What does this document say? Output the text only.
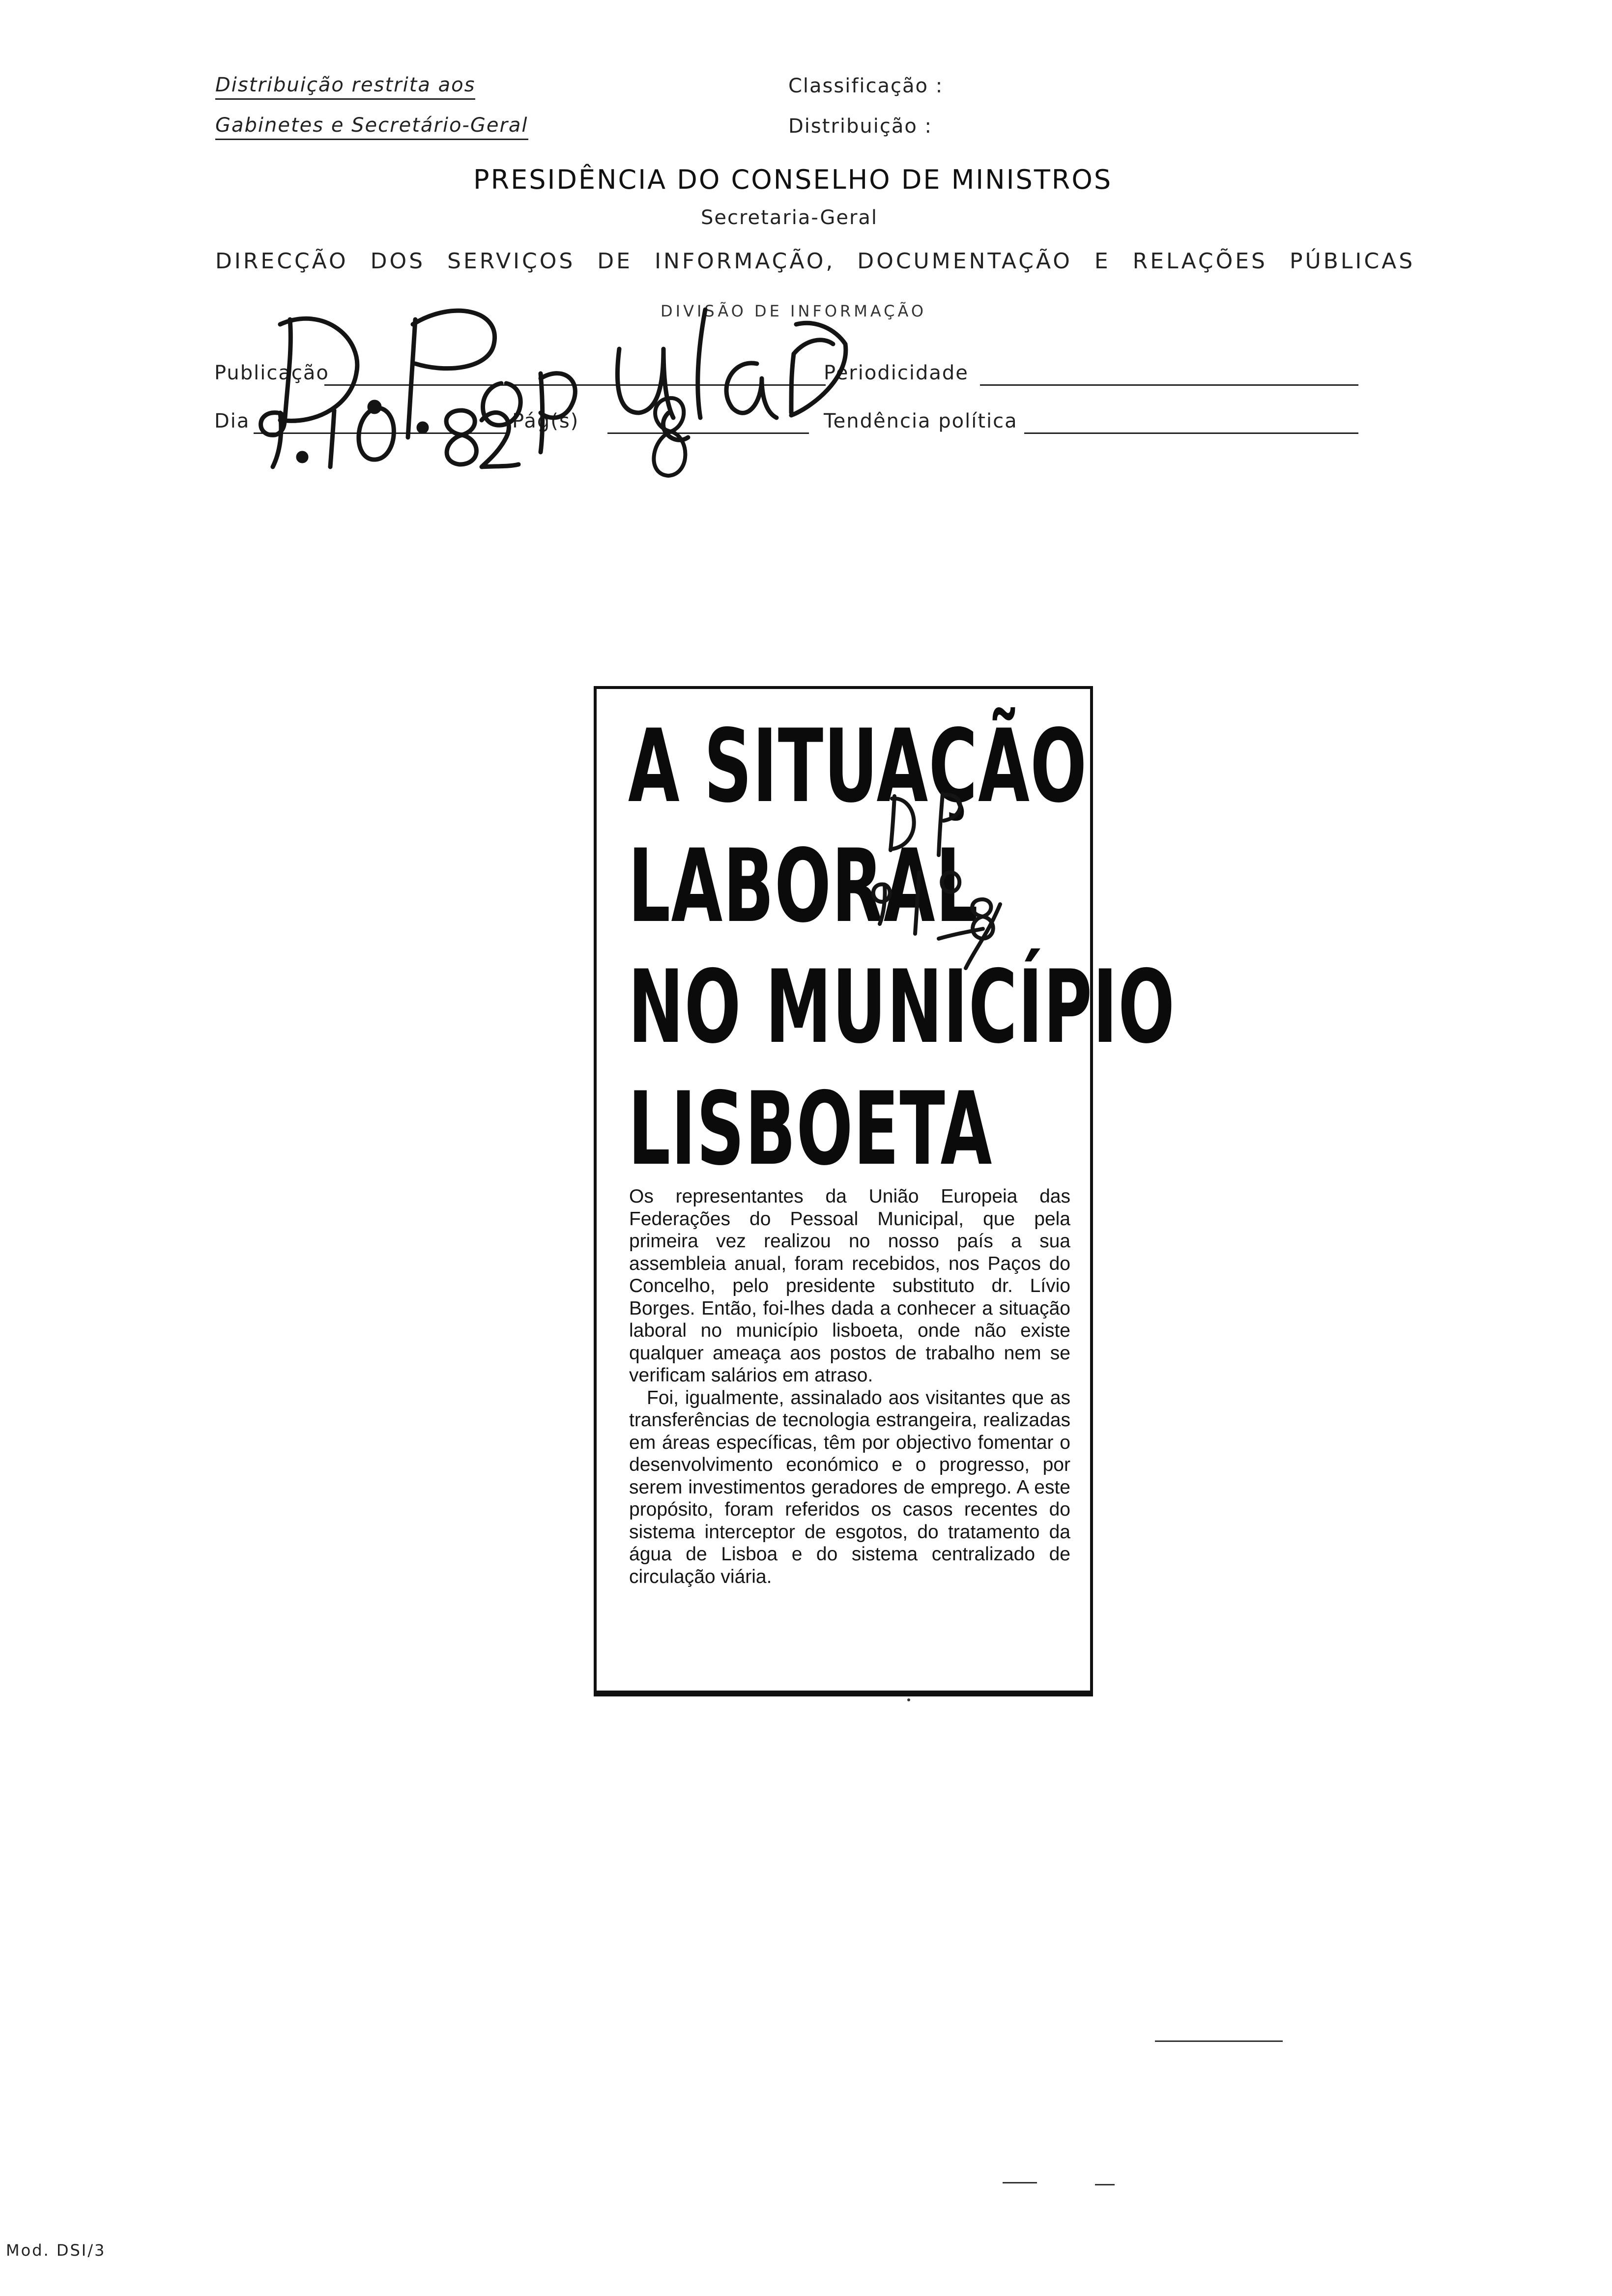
Distribuição restrita aos
Gabinetes e Secretário-Geral
Classificação :
Distribuição :
PRESIDÊNCIA DO CONSELHO DE MINISTROS
Secretaria-Geral
DIRECÇÃO DOS SERVIÇOS DE INFORMAÇÃO, DOCUMENTAÇÃO E RELAÇÕES PÚBLICAS
DIVISÃO DE INFORMAÇÃO
Publicação	Periodicidade
Dia	Pág(s)	Tendência política
A SITUAÇÃO
LABORAL
NO MUNICÍPIO
LISBOETA

Os representantes da União Europeia das Federações do Pessoal Municipal, que pela primeira vez realizou no nosso país a sua assembleia anual, foram recebidos, nos Paços do Concelho, pelo presidente substituto dr. Lívio Borges. Então, foi-lhes dada a conhecer a situação laboral no município lisboeta, onde não existe qualquer ameaça aos postos de trabalho nem se verificam salários em atraso.

Foi, igualmente, assinalado aos visitantes que as transferências de tecnologia estrangeira, realizadas em áreas específicas, têm por objectivo fomentar o desenvolvimento económico e o progresso, por serem investimentos geradores de emprego. A este propósito, foram referidos os casos recentes do sistema interceptor de esgotos, do tratamento da água de Lisboa e do sistema centralizado de circulação viária.

Mod. DSI/3
